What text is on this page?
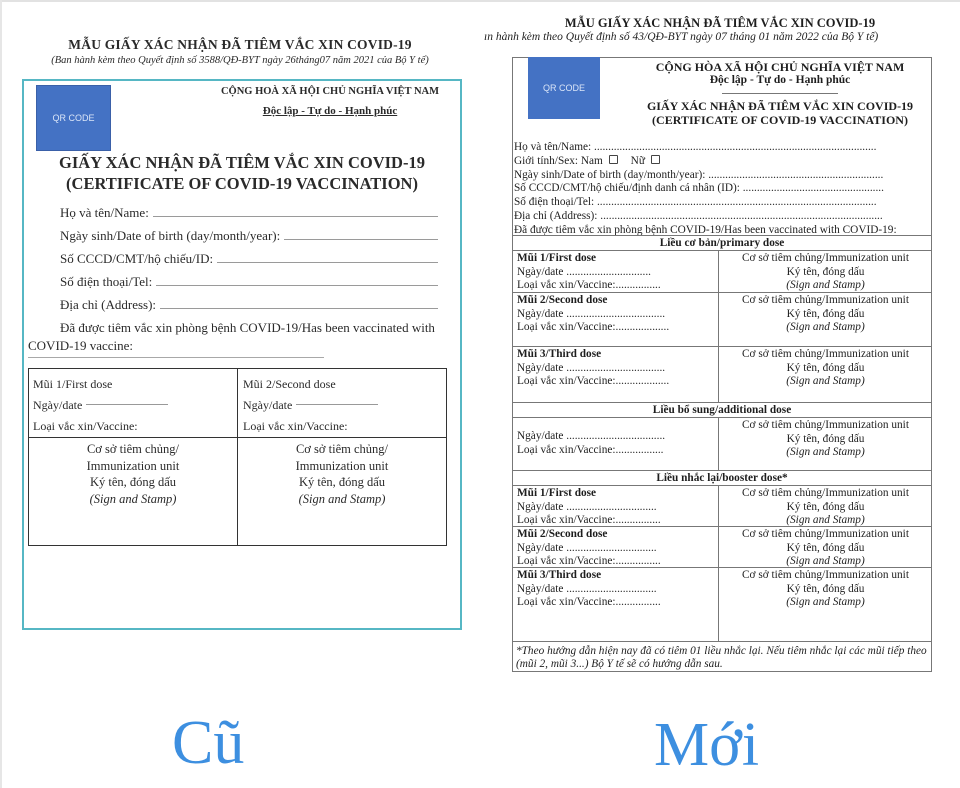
MẪU GIẤY XÁC NHẬN ĐÃ TIÊM VẮC XIN COVID-19
(Ban hành kèm theo Quyết định số 3588/QĐ-BYT ngày 26tháng07 năm 2021 của Bộ Y tế)
QR CODE
CỘNG HOÀ XÃ HỘI CHỦ NGHĨA VIỆT NAM
Độc lập - Tự do - Hạnh phúc
GIẤY XÁC NHẬN ĐÃ TIÊM VẮC XIN COVID-19
(CERTIFICATE OF COVID-19 VACCINATION)
Họ và tên/Name:
Ngày sinh/Date of birth (day/month/year):
Số CCCD/CMT/hộ chiếu/ID:
Số điện thoại/Tel:
Địa chỉ (Address):
Đã được tiêm vắc xin phòng bệnh COVID-19/Has been vaccinated with COVID-19 vaccine:
Mũi 1/First dose
Ngày/date
Loại vắc xin/Vaccine:
Mũi 2/Second dose
Ngày/date
Loại vắc xin/Vaccine:
Cơ sở tiêm chủng/
Immunization unit
Ký tên, đóng dấu
(Sign and Stamp)
Cơ sở tiêm chủng/
Immunization unit
Ký tên, đóng dấu
(Sign and Stamp)
Cũ
MẪU GIẤY XÁC NHẬN ĐÃ TIÊM VẮC XIN COVID-19
ın hành kèm theo Quyết định số 43/QĐ-BYT ngày 07 tháng 01 năm 2022 của Bộ Y tế)
QR CODE
CỘNG HÒA XÃ HỘI CHỦ NGHĨA VIỆT NAM
Độc lập - Tự do - Hạnh phúc
GIẤY XÁC NHẬN ĐÃ TIÊM VẮC XIN COVID-19
(CERTIFICATE OF COVID-19 VACCINATION)
Họ và tên/Name: ....................................................................................................
Giới tính/Sex: Nam Nữ
Ngày sinh/Date of birth (day/month/year): ..............................................................
Số CCCD/CMT/hộ chiếu/định danh cá nhân (ID): ..................................................
Số điện thoại/Tel: ...................................................................................................
Địa chỉ (Address): ....................................................................................................
Đã được tiêm vắc xin phòng bệnh COVID-19/Has been vaccinated with COVID-19:
Liều cơ bản/primary dose
Mũi 1/First dose
Ngày/date ..............................
Loại vắc xin/Vaccine:................
Cơ sở tiêm chủng/Immunization unit
Ký tên, đóng dấu
(Sign and Stamp)
Mũi 2/Second dose
Ngày/date ...................................
Loại vắc xin/Vaccine:...................
Cơ sở tiêm chủng/Immunization unit
Ký tên, đóng dấu
(Sign and Stamp)
Mũi 3/Third dose
Ngày/date ...................................
Loại vắc xin/Vaccine:...................
Cơ sở tiêm chủng/Immunization unit
Ký tên, đóng dấu
(Sign and Stamp)
Liều bổ sung/additional dose
Ngày/date ...................................
Loại vắc xin/Vaccine:.................
Cơ sở tiêm chủng/Immunization unit
Ký tên, đóng dấu
(Sign and Stamp)
Liều nhắc lại/booster dose*
Mũi 1/First dose
Ngày/date ................................
Loại vắc xin/Vaccine:................
Cơ sở tiêm chủng/Immunization unit
Ký tên, đóng dấu
(Sign and Stamp)
Mũi 2/Second dose
Ngày/date ................................
Loại vắc xin/Vaccine:................
Cơ sở tiêm chủng/Immunization unit
Ký tên, đóng dấu
(Sign and Stamp)
Mũi 3/Third dose
Ngày/date ................................
Loại vắc xin/Vaccine:................
Cơ sở tiêm chủng/Immunization unit
Ký tên, đóng dấu
(Sign and Stamp)
*Theo hướng dẫn hiện nay đã có tiêm 01 liều nhắc lại. Nếu tiêm nhắc lại các mũi tiếp theo (mũi 2, mũi 3...) Bộ Y tế sẽ có hướng dẫn sau.
Mới
